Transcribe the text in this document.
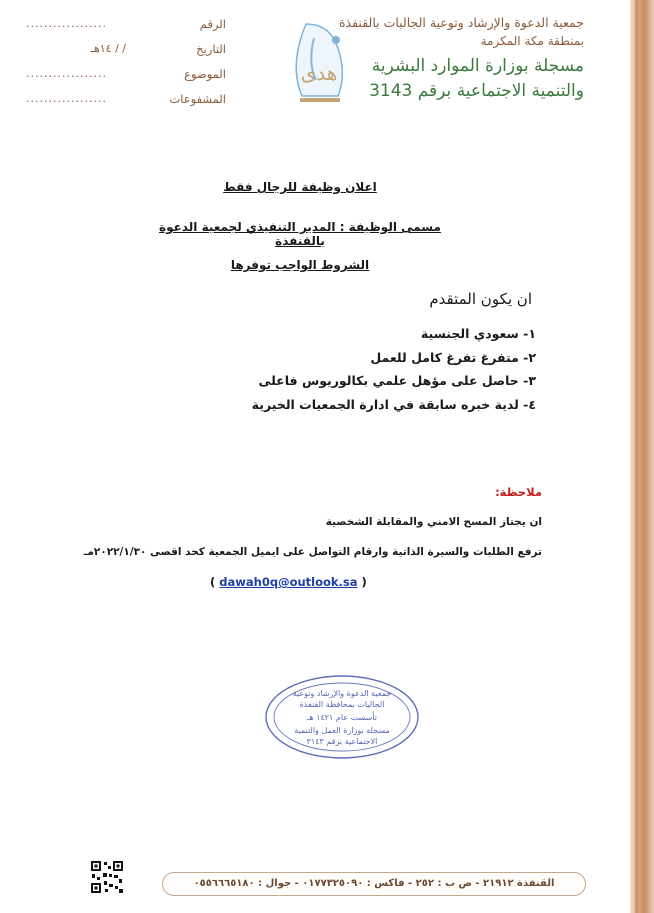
جمعية الدعوة والإرشاد وتوعية الجاليات بالقنفذة
بمنطقة مكة المكرمة
مسجلة بوزارة الموارد البشرية
والتنمية الاجتماعية برقم 3143
هدى
الرقم
التاريخ
الموضوع
المشفوعات
..................
/ / ١٤هـ
..................
..................
اعلان وظيفة للرجال فقط
مسمى الوظيفة : المدير التنفيذي لجمعية الدعوة بالقنفذة
الشروط الواجب توفرها
ان يكون المتقدم
١- سعودي الجنسية
٢- متفرغ تفرغ كامل للعمل
٣- حاصل على مؤهل علمي بكالوريوس فاعلى
٤- لدية خبره سابقة في ادارة الجمعيات الخيرية
ملاحظة:
ان يجتاز المسح الامني والمقابلة الشخصية
ترفع الطلبات والسيرة الذاتية وارقام التواصل على ايميل الجمعية كحد اقصى ٢٠٢٢/١/٣٠مـ
( dawah0q@outlook.sa )
جمعية الدعوة والإرشاد وتوعية
الجاليات بمحافظة القنفذة
تأسست عام ١٤٢١ هـ
مسجلة بوزارة العمل والتنمية
الاجتماعية برقم ٣١٤٣
القنفذة ٢١٩١٢ - ص ب : ٢٥٢ - فاكس : ٠١٧٧٣٢٥٠٩٠ - جوال : ٠٥٥٦٦٦٥١٨٠
